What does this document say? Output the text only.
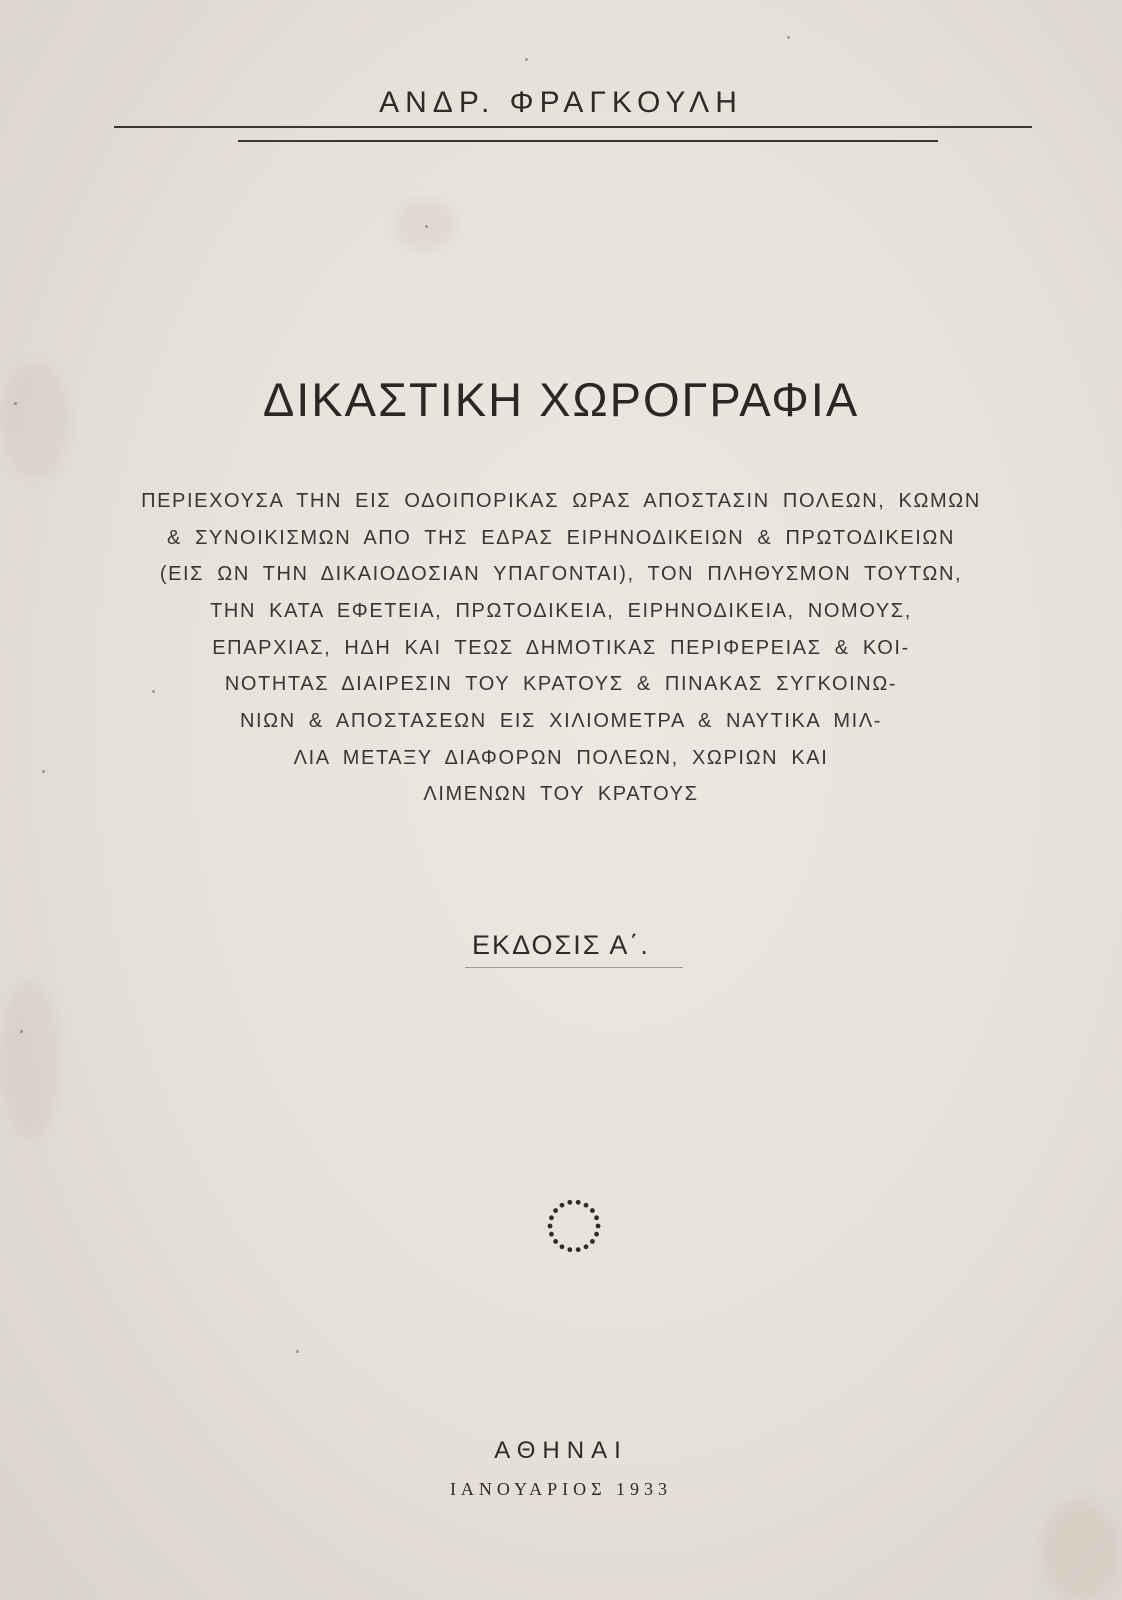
ΑΝΔΡ. ΦΡΑΓΚΟΥΛΗ
ΔΙΚΑΣΤΙΚΗ ΧΩΡΟΓΡΑΦΙΑ
ΠΕΡΙΕΧΟΥΣΑ ΤΗΝ ΕΙΣ ΟΔΟΙΠΟΡΙΚΑΣ ΩΡΑΣ ΑΠΟΣΤΑΣΙΝ ΠΟΛΕΩΝ, ΚΩΜΩΝ
& ΣΥΝΟΙΚΙΣΜΩΝ ΑΠΟ ΤΗΣ ΕΔΡΑΣ ΕΙΡΗΝΟΔΙΚΕΙΩΝ & ΠΡΩΤΟΔΙΚΕΙΩΝ
(ΕΙΣ ΩΝ ΤΗΝ ΔΙΚΑΙΟΔΟΣΙΑΝ ΥΠΑΓΟΝΤΑΙ), ΤΟΝ ΠΛΗΘΥΣΜΟΝ ΤΟΥΤΩΝ,
ΤΗΝ ΚΑΤΑ ΕΦΕΤΕΙΑ, ΠΡΩΤΟΔΙΚΕΙΑ, ΕΙΡΗΝΟΔΙΚΕΙΑ, ΝΟΜΟΥΣ,
ΕΠΑΡΧΙΑΣ, ΗΔΗ ΚΑΙ ΤΕΩΣ ΔΗΜΟΤΙΚΑΣ ΠΕΡΙΦΕΡΕΙΑΣ & ΚΟΙ-
ΝΟΤΗΤΑΣ ΔΙΑΙΡΕΣΙΝ ΤΟΥ ΚΡΑΤΟΥΣ & ΠΙΝΑΚΑΣ ΣΥΓΚΟΙΝΩ-
ΝΙΩΝ & ΑΠΟΣΤΑΣΕΩΝ ΕΙΣ ΧΙΛΙΟΜΕΤΡΑ & ΝΑΥΤΙΚΑ ΜΙΛ-
ΛΙΑ ΜΕΤΑΞΥ ΔΙΑΦΟΡΩΝ ΠΟΛΕΩΝ, ΧΩΡΙΩΝ ΚΑΙ
ΛΙΜΕΝΩΝ ΤΟΥ ΚΡΑΤΟΥΣ
ΕΚΔΟΣΙΣ Α΄.
ΑΘΗΝΑΙ
ΙΑΝΟΥΑΡΙΟΣ 1933
